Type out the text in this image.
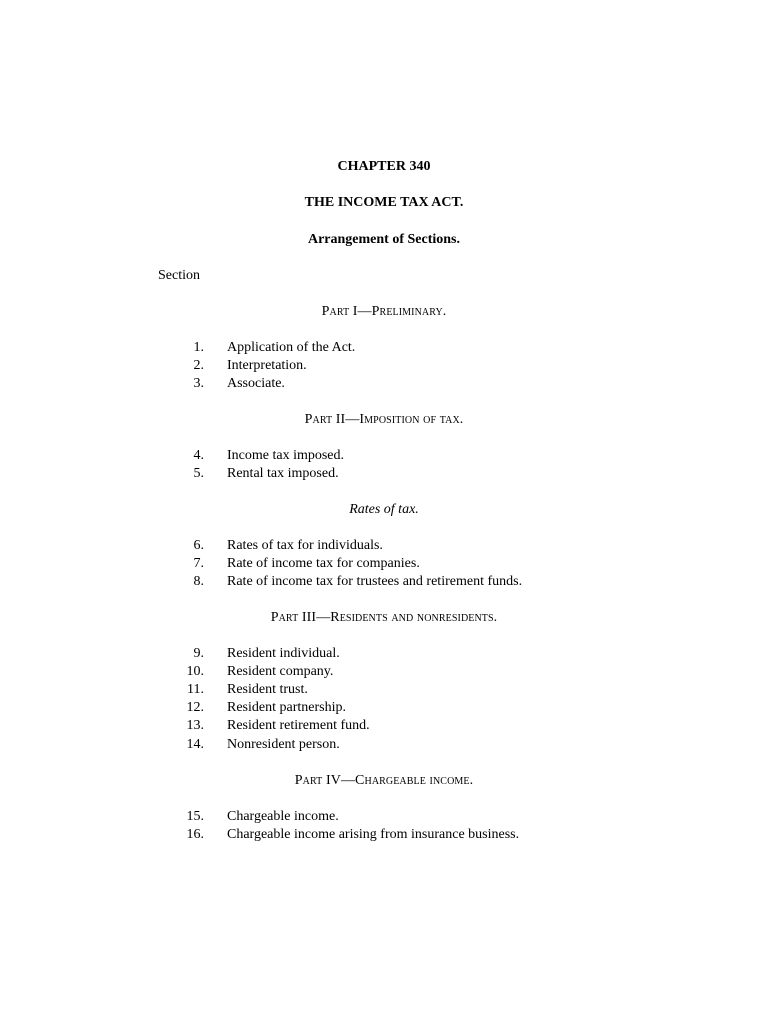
CHAPTER 340
THE INCOME TAX ACT.
Arrangement of Sections.
Section
Part I—Preliminary.
1. Application of the Act.
2. Interpretation.
3. Associate.
Part II—Imposition of tax.
4. Income tax imposed.
5. Rental tax imposed.
Rates of tax.
6. Rates of tax for individuals.
7. Rate of income tax for companies.
8. Rate of income tax for trustees and retirement funds.
Part III—Residents and nonresidents.
9. Resident individual.
10. Resident company.
11. Resident trust.
12. Resident partnership.
13. Resident retirement fund.
14. Nonresident person.
Part IV—Chargeable income.
15. Chargeable income.
16. Chargeable income arising from insurance business.
